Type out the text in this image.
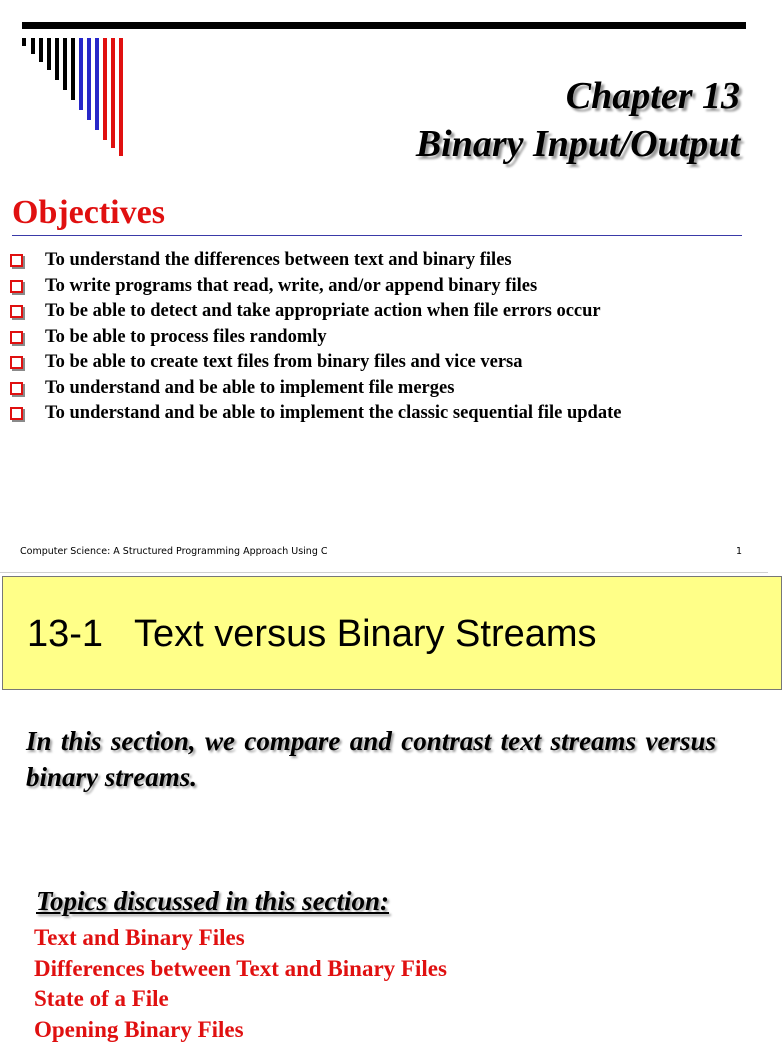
Chapter 13
Binary Input/Output
Objectives
To understand the differences between text and binary files
To write programs that read, write, and/or append binary files
To be able to detect and take appropriate action when file errors occur
To be able to process files randomly
To be able to create text files from binary files and vice versa
To understand and be able to implement file merges
To understand and be able to implement the classic sequential file update
Computer Science: A Structured Programming Approach Using C	1
13-1   Text versus Binary Streams

In this section, we compare and contrast text streams versus binary streams.

Topics discussed in this section:
Text and Binary Files
Differences between Text and Binary Files
State of a File
Opening Binary Files
